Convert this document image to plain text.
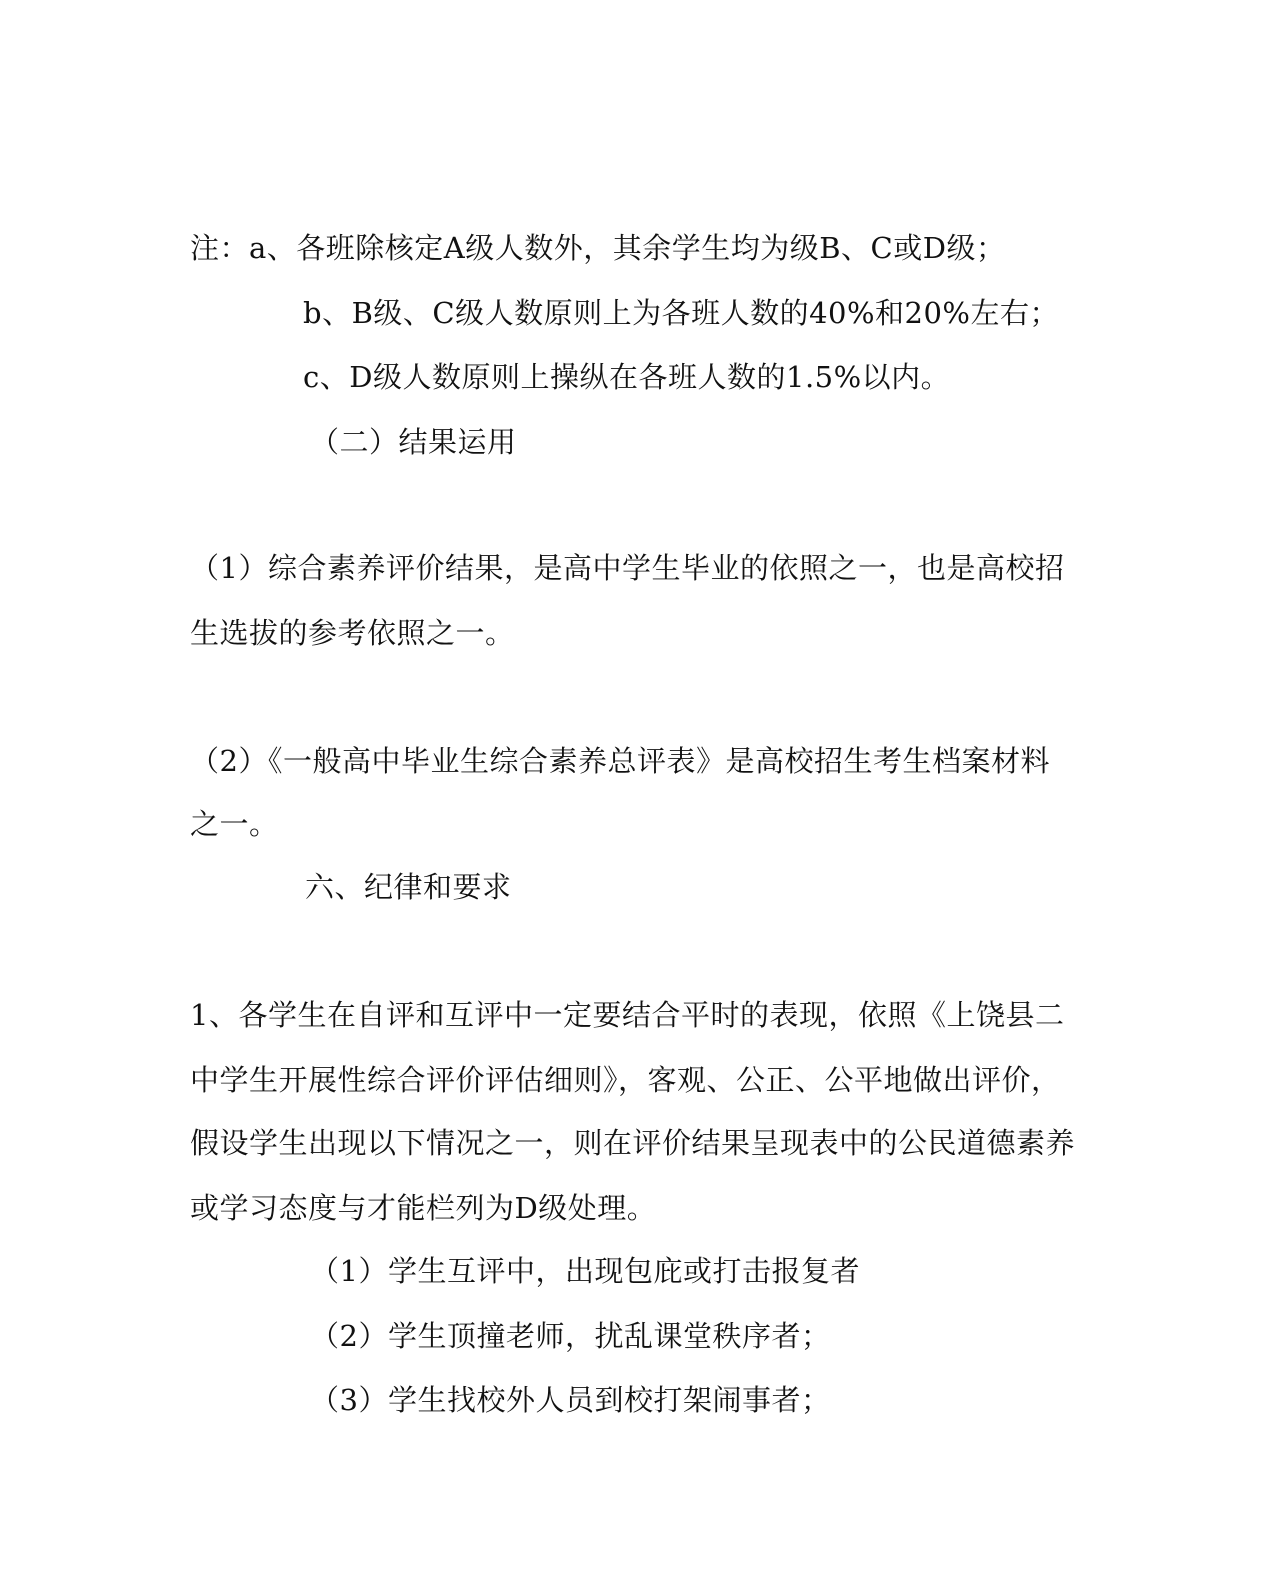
注：a、各班除核定A级人数外，其余学生均为级B、C或D级；
b、B级、C级人数原则上为各班人数的40%和20%左右；
c、D级人数原则上操纵在各班人数的1.5%以内。
（二）结果运用
（1）综合素养评价结果，是高中学生毕业的依照之一，也是高校招
生选拔的参考依照之一。
（2）《一般高中毕业生综合素养总评表》是高校招生考生档案材料
之一。
六、纪律和要求
1、各学生在自评和互评中一定要结合平时的表现，依照《上饶县二
中学生开展性综合评价评估细则》，客观、公正、公平地做出评价，
假设学生出现以下情况之一，则在评价结果呈现表中的公民道德素养
或学习态度与才能栏列为D级处理。
（1）学生互评中，出现包庇或打击报复者
（2）学生顶撞老师，扰乱课堂秩序者；
（3）学生找校外人员到校打架闹事者；
